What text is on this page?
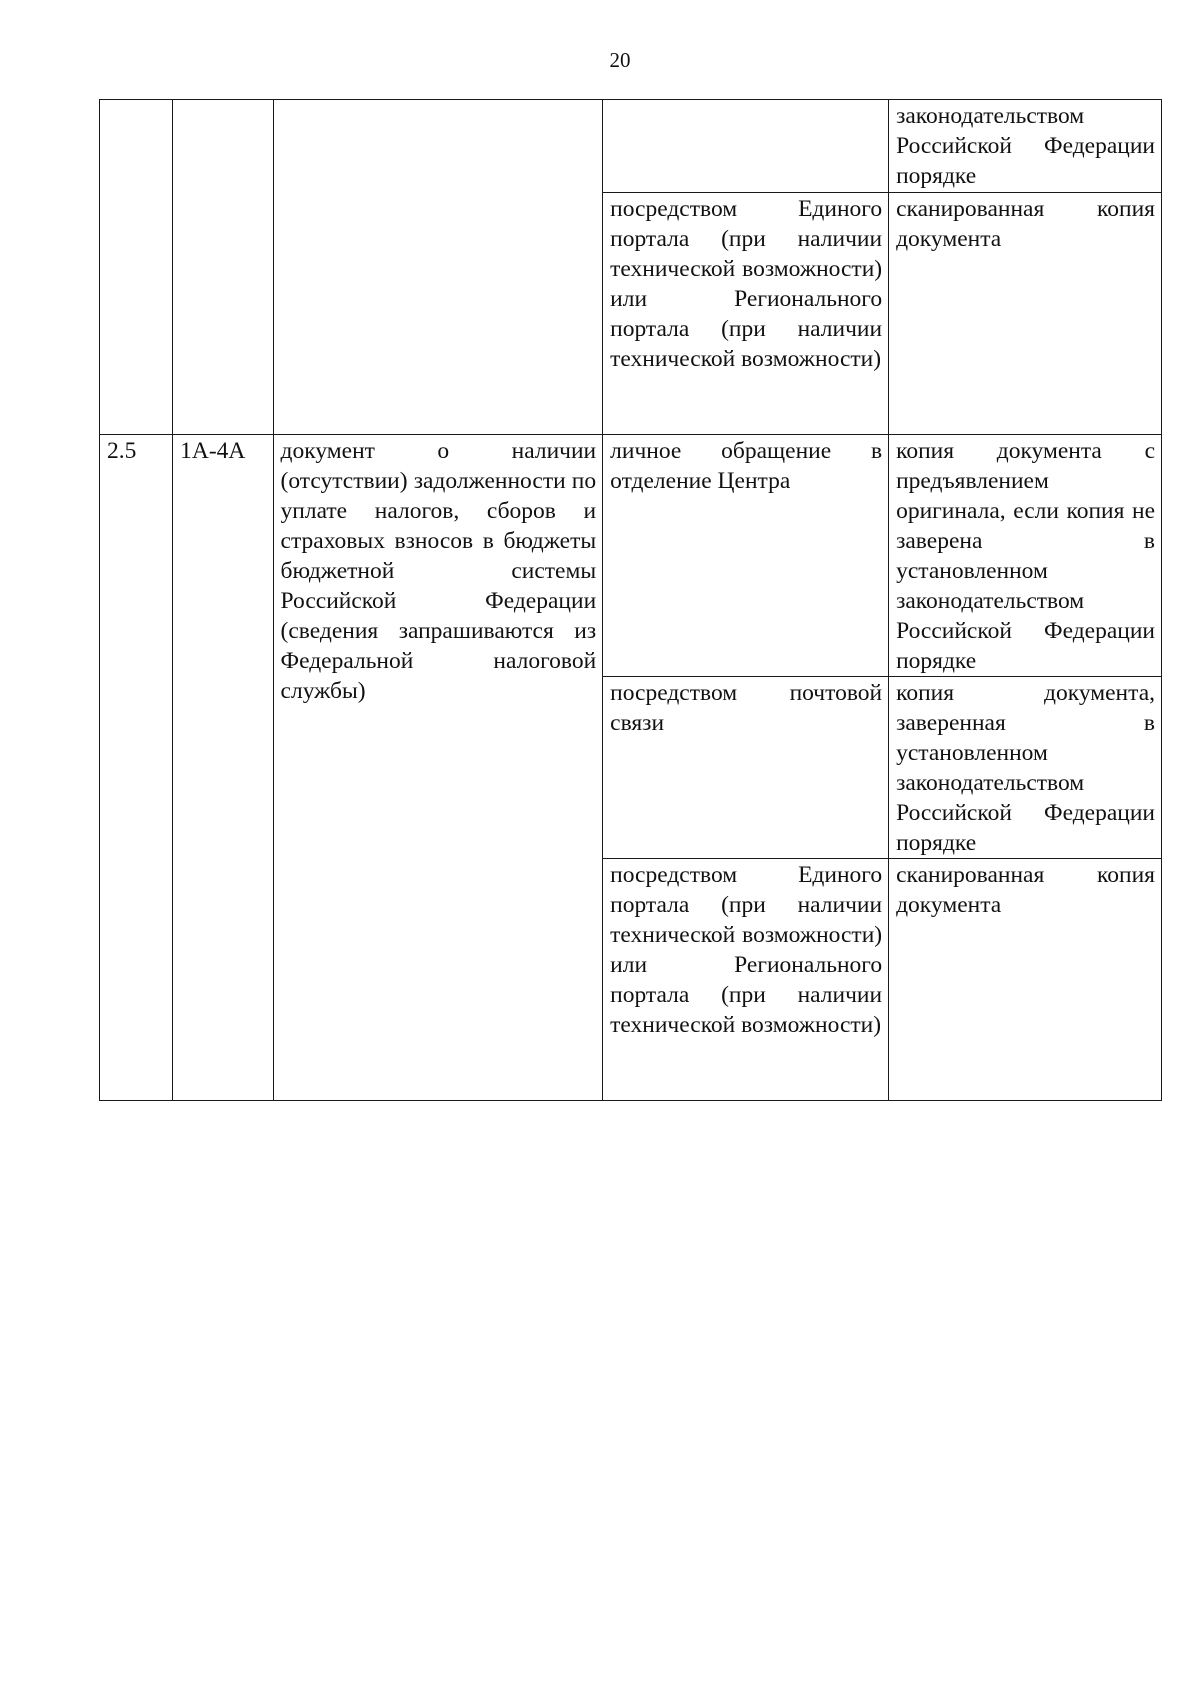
20
				законодательством Российской Федерации порядке
			посредством Единого портала (при наличии технической возможности) или Регионального портала (при наличии технической возможности)	сканированная копия документа
2.5	1А-4А	документ о наличии (отсутствии) задолженности по уплате налогов, сборов и страховых взносов в бюджеты бюджетной системы Российской Федерации (сведения запрашиваются из Федеральной налоговой службы)	личное обращение в отделение Центра	копия документа с предъявлением оригинала, если копия не заверена в установленном законодательством Российской Федерации порядке
			посредством почтовой связи	копия документа, заверенная в установленном законодательством Российской Федерации порядке
			посредством Единого портала (при наличии технической возможности) или Регионального портала (при наличии технической возможности)	сканированная копия документа
